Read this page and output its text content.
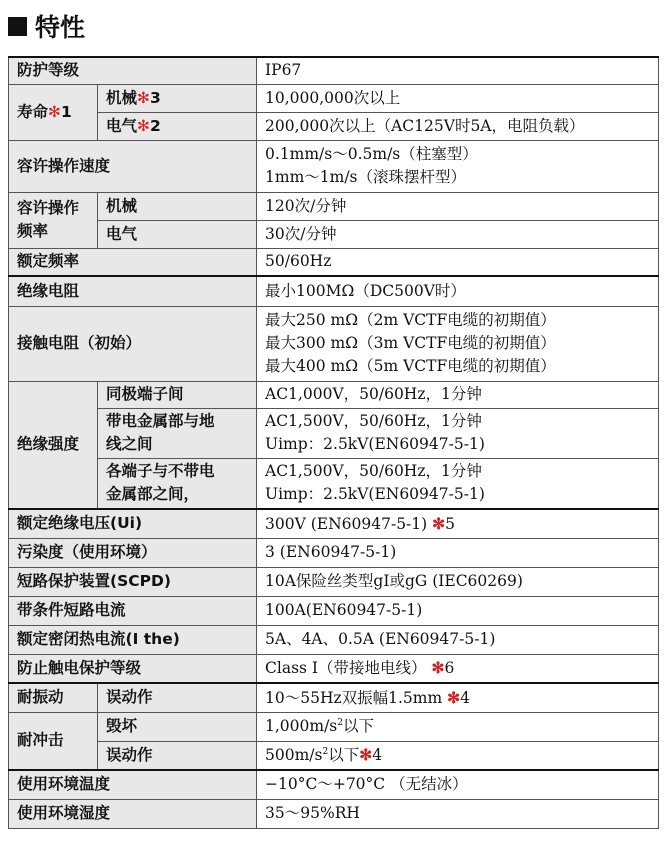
特性
防护等级		IP67
寿命✻1	机械✻3	10,000,000次以上
	电气✻2	200,000次以上（AC125V时5A，电阻负载）
容许操作速度		0.1mm/s～0.5m/s（柱塞型）
1mm～1m/s（滚珠摆杆型）

容许操作
频率	机械	120次/分钟
	电气	30次/分钟
额定频率		50/60Hz
绝缘电阻		最小100MΩ（DC500V时）
接触电阻（初始）		最大250 mΩ（2m VCTF电缆的初期值）
最大300 mΩ（3m VCTF电缆的初期值）
最大400 mΩ（5m VCTF电缆的初期值）

绝缘强度	同极端子间	AC1,000V，50/60Hz，1分钟

	带电金属部与地
线之间	AC1,500V，50/60Hz，1分钟
Uimp：2.5kV(EN60947-5-1)

	各端子与不带电
金属部之间，	AC1,500V，50/60Hz，1分钟
Uimp：2.5kV(EN60947-5-1)

额定绝缘电压(Ui)		300V (EN60947-5-1) ✻5
污染度（使用环境）		3 (EN60947-5-1)
短路保护装置(SCPD)		10A保险丝类型gI或gG (IEC60269)
带条件短路电流		100A(EN60947-5-1)
额定密闭热电流(I the)		5A、4A、0.5A (EN60947-5-1)
防止触电保护等级		Class I（带接地电线） ✻6
耐振动	误动作	10～55Hz双振幅1.5mm ✻4
耐冲击	毁坏	$1,000m/s^2$以下
	误动作	$500m/s^2$以下✻4
使用环境温度		−10°C～+70°C （无结冰）
使用环境湿度		35～95%RH
